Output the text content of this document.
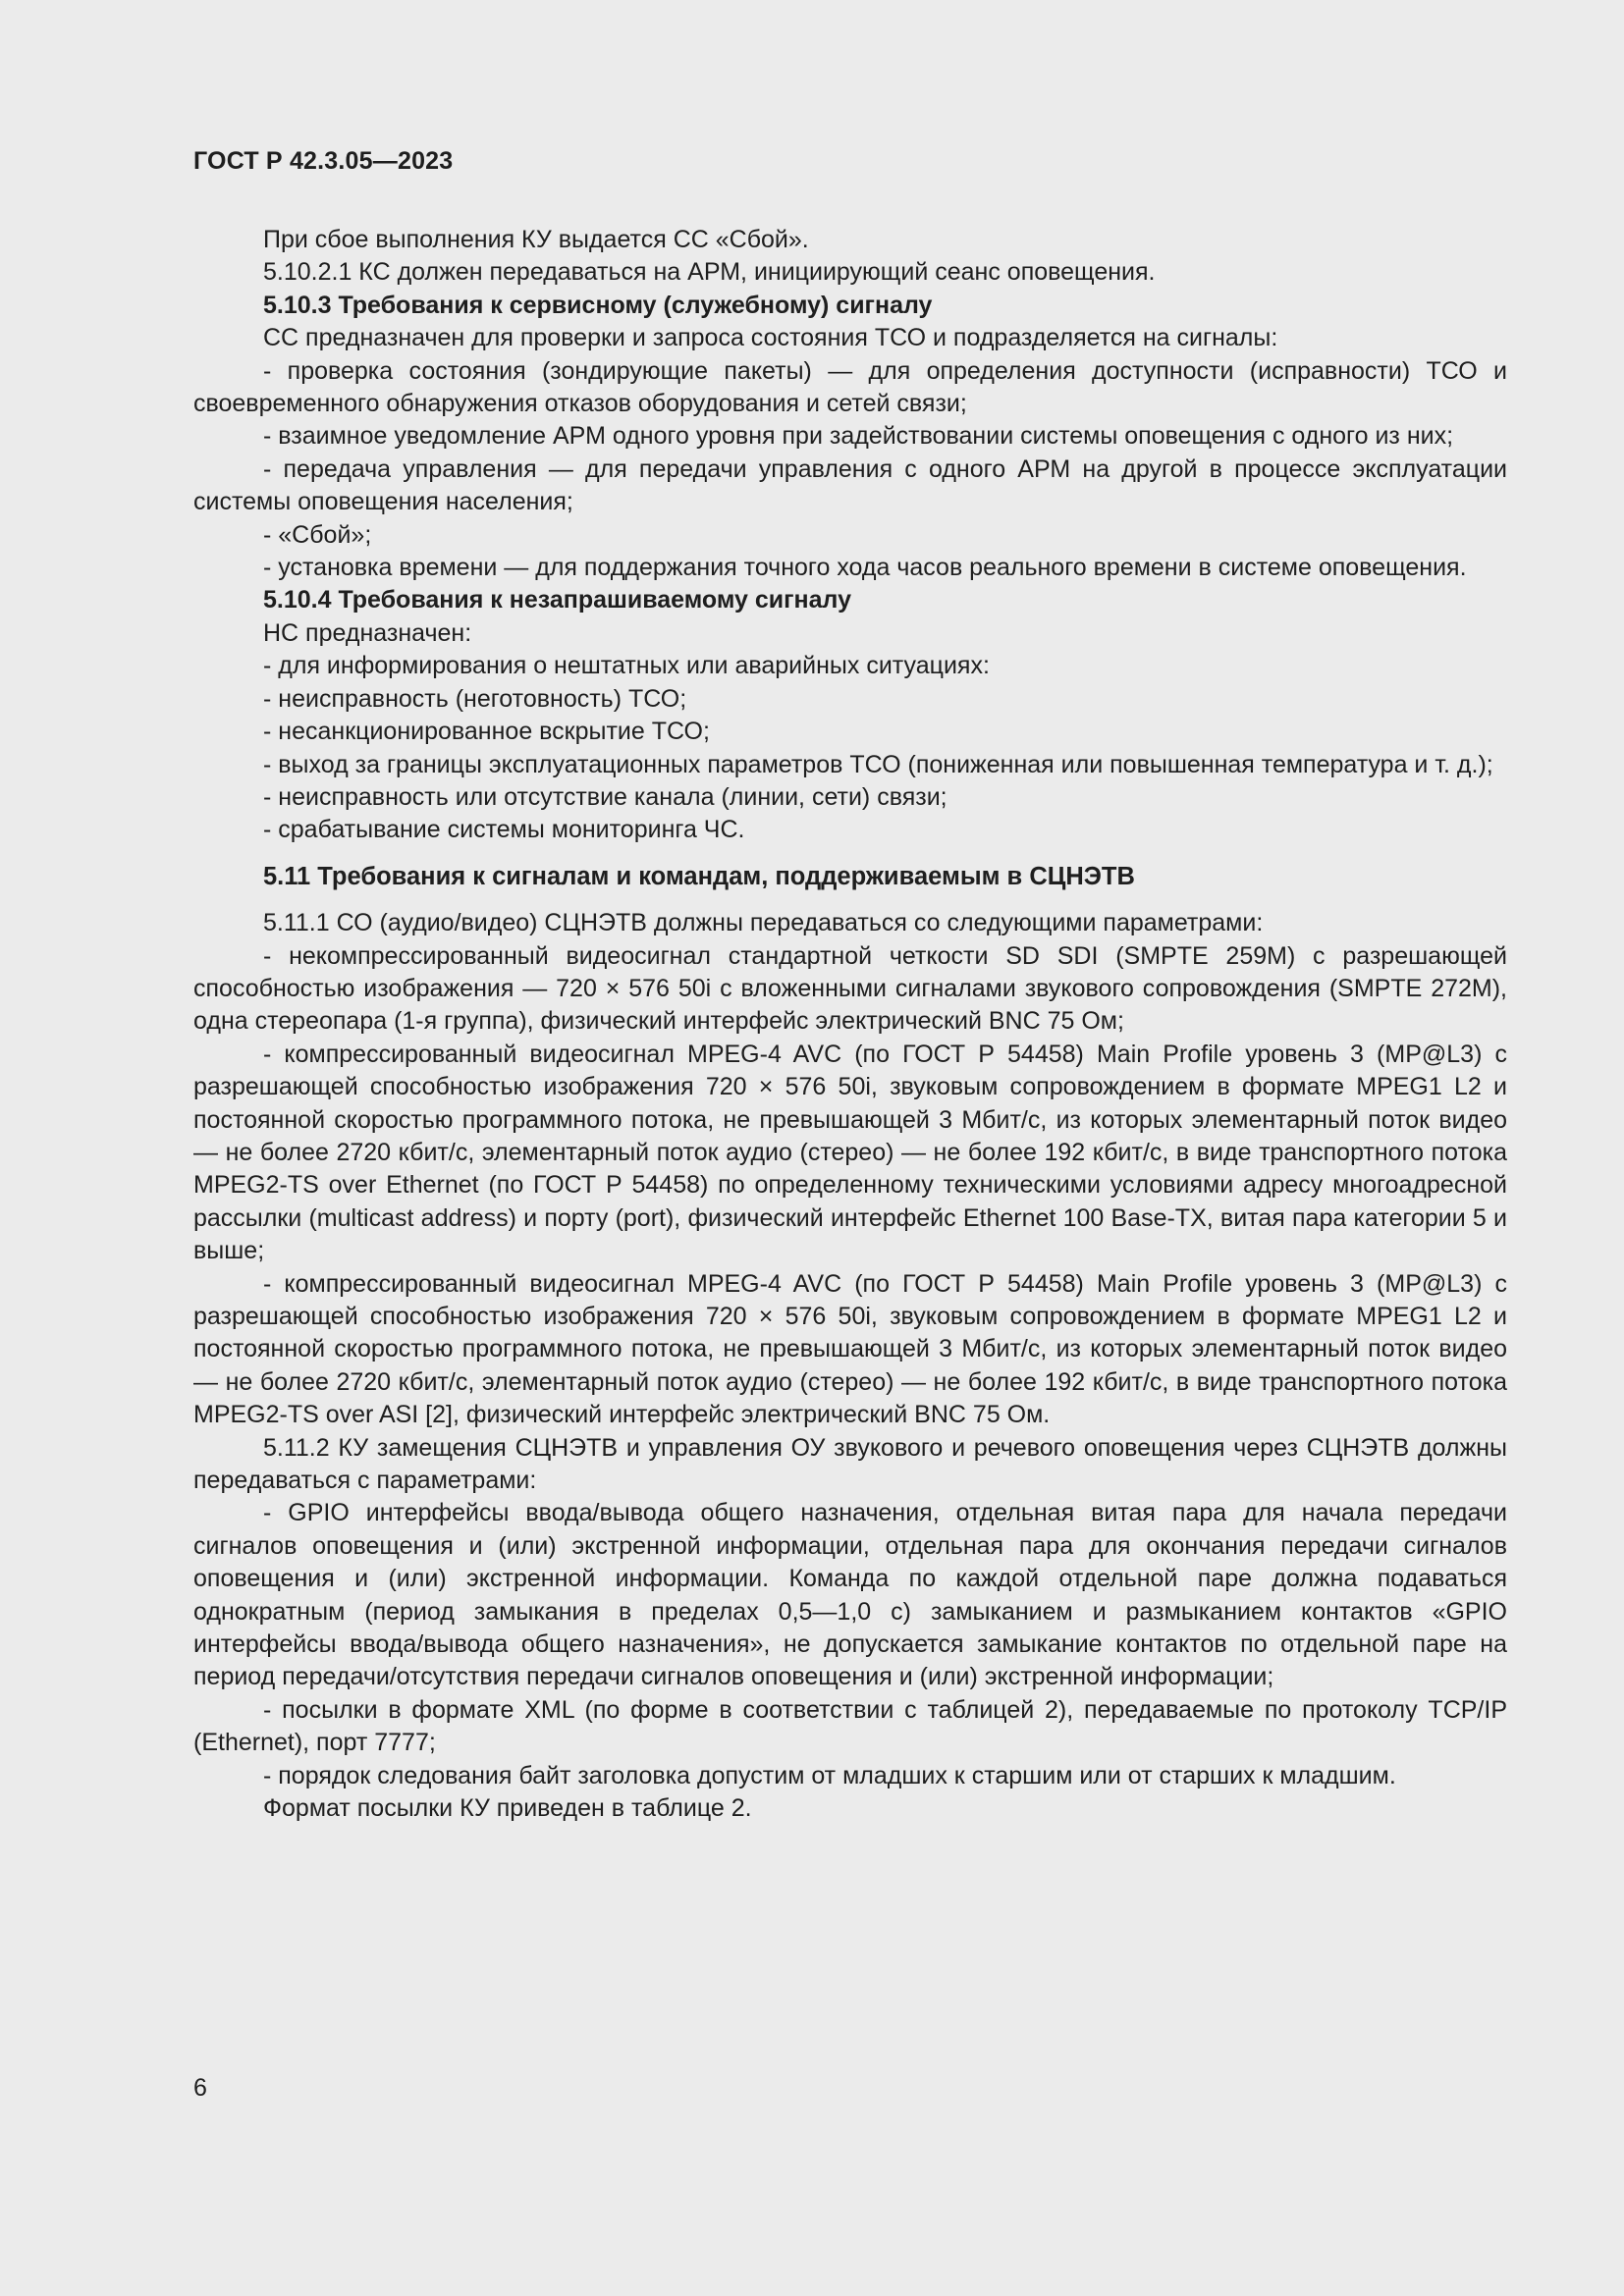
ГОСТ Р 42.3.05—2023

При сбое выполнения КУ выдается СС «Сбой».

5.10.2.1 КС должен передаваться на АРМ, инициирующий сеанс оповещения.

5.10.3 Требования к сервисному (служебному) сигналу

СС предназначен для проверки и запроса состояния ТСО и подразделяется на сигналы:

- проверка состояния (зондирующие пакеты) — для определения доступности (исправности) ТСО и своевременного обнаружения отказов оборудования и сетей связи;

- взаимное уведомление АРМ одного уровня при задействовании системы оповещения с одного из них;

- передача управления — для передачи управления с одного АРМ на другой в процессе эксплуатации системы оповещения населения;

- «Сбой»;

- установка времени — для поддержания точного хода часов реального времени в системе оповещения.

5.10.4 Требования к незапрашиваемому сигналу

НС предназначен:

- для информирования о нештатных или аварийных ситуациях:

- неисправность (неготовность) ТСО;

- несанкционированное вскрытие ТСО;

- выход за границы эксплуатационных параметров ТСО (пониженная или повышенная температура и т. д.);

- неисправность или отсутствие канала (линии, сети) связи;

- срабатывание системы мониторинга ЧС.

5.11 Требования к сигналам и командам, поддерживаемым в СЦНЭТВ

5.11.1 СО (аудио/видео) СЦНЭТВ должны передаваться со следующими параметрами:

- некомпрессированный видеосигнал стандартной четкости SD SDI (SMPTE 259M) с разрешающей способностью изображения — 720 × 576 50i с вложенными сигналами звукового сопровождения (SMPTE 272M), одна стереопара (1-я группа), физический интерфейс электрический BNC 75 Ом;

- компрессированный видеосигнал MPEG-4 AVC (по ГОСТ Р 54458) Main Profile уровень 3 (MP@L3) с разрешающей способностью изображения 720 × 576 50i, звуковым сопровождением в формате MPEG1 L2 и постоянной скоростью программного потока, не превышающей 3 Мбит/с, из которых элементарный поток видео — не более 2720 кбит/с, элементарный поток аудио (стерео) — не более 192 кбит/с, в виде транспортного потока MPEG2-TS over Ethernet (по ГОСТ Р 54458) по определенному техническими условиями адресу многоадресной рассылки (multicast address) и порту (port), физический интерфейс Ethernet 100 Base-TX, витая пара категории 5 и выше;

- компрессированный видеосигнал MPEG-4 AVC (по ГОСТ Р 54458) Main Profile уровень 3 (MP@L3) с разрешающей способностью изображения 720 × 576 50i, звуковым сопровождением в формате MPEG1 L2 и постоянной скоростью программного потока, не превышающей 3 Мбит/с, из которых элементарный поток видео — не более 2720 кбит/с, элементарный поток аудио (стерео) — не более 192 кбит/с, в виде транспортного потока MPEG2-TS over ASI [2], физический интерфейс электрический BNC 75 Ом.

5.11.2 КУ замещения СЦНЭТВ и управления ОУ звукового и речевого оповещения через СЦНЭТВ должны передаваться с параметрами:

- GPIO интерфейсы ввода/вывода общего назначения, отдельная витая пара для начала передачи сигналов оповещения и (или) экстренной информации, отдельная пара для окончания передачи сигналов оповещения и (или) экстренной информации. Команда по каждой отдельной паре должна подаваться однократным (период замыкания в пределах 0,5—1,0 с) замыканием и размыканием контактов «GPIO интерфейсы ввода/вывода общего назначения», не допускается замыкание контактов по отдельной паре на период передачи/отсутствия передачи сигналов оповещения и (или) экстренной информации;

- посылки в формате XML (по форме в соответствии с таблицей 2), передаваемые по протоколу TCP/IP (Ethernet), порт 7777;

- порядок следования байт заголовка допустим от младших к старшим или от старших к младшим.

Формат посылки КУ приведен в таблице 2.

6
